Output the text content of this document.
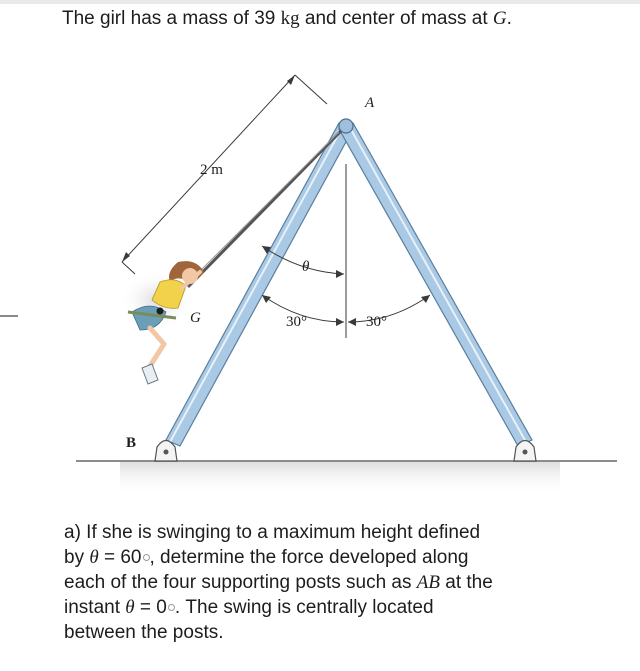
The girl has a mass of 39 kg and center of mass at G.
2 m
θ
30°	30°
G
A
B
a) If she is swinging to a maximum height defined
by θ = 60 , determine the force developed along
each of the four supporting posts such as AB at the
instant θ = 0 . The swing is centrally located
between the posts.
